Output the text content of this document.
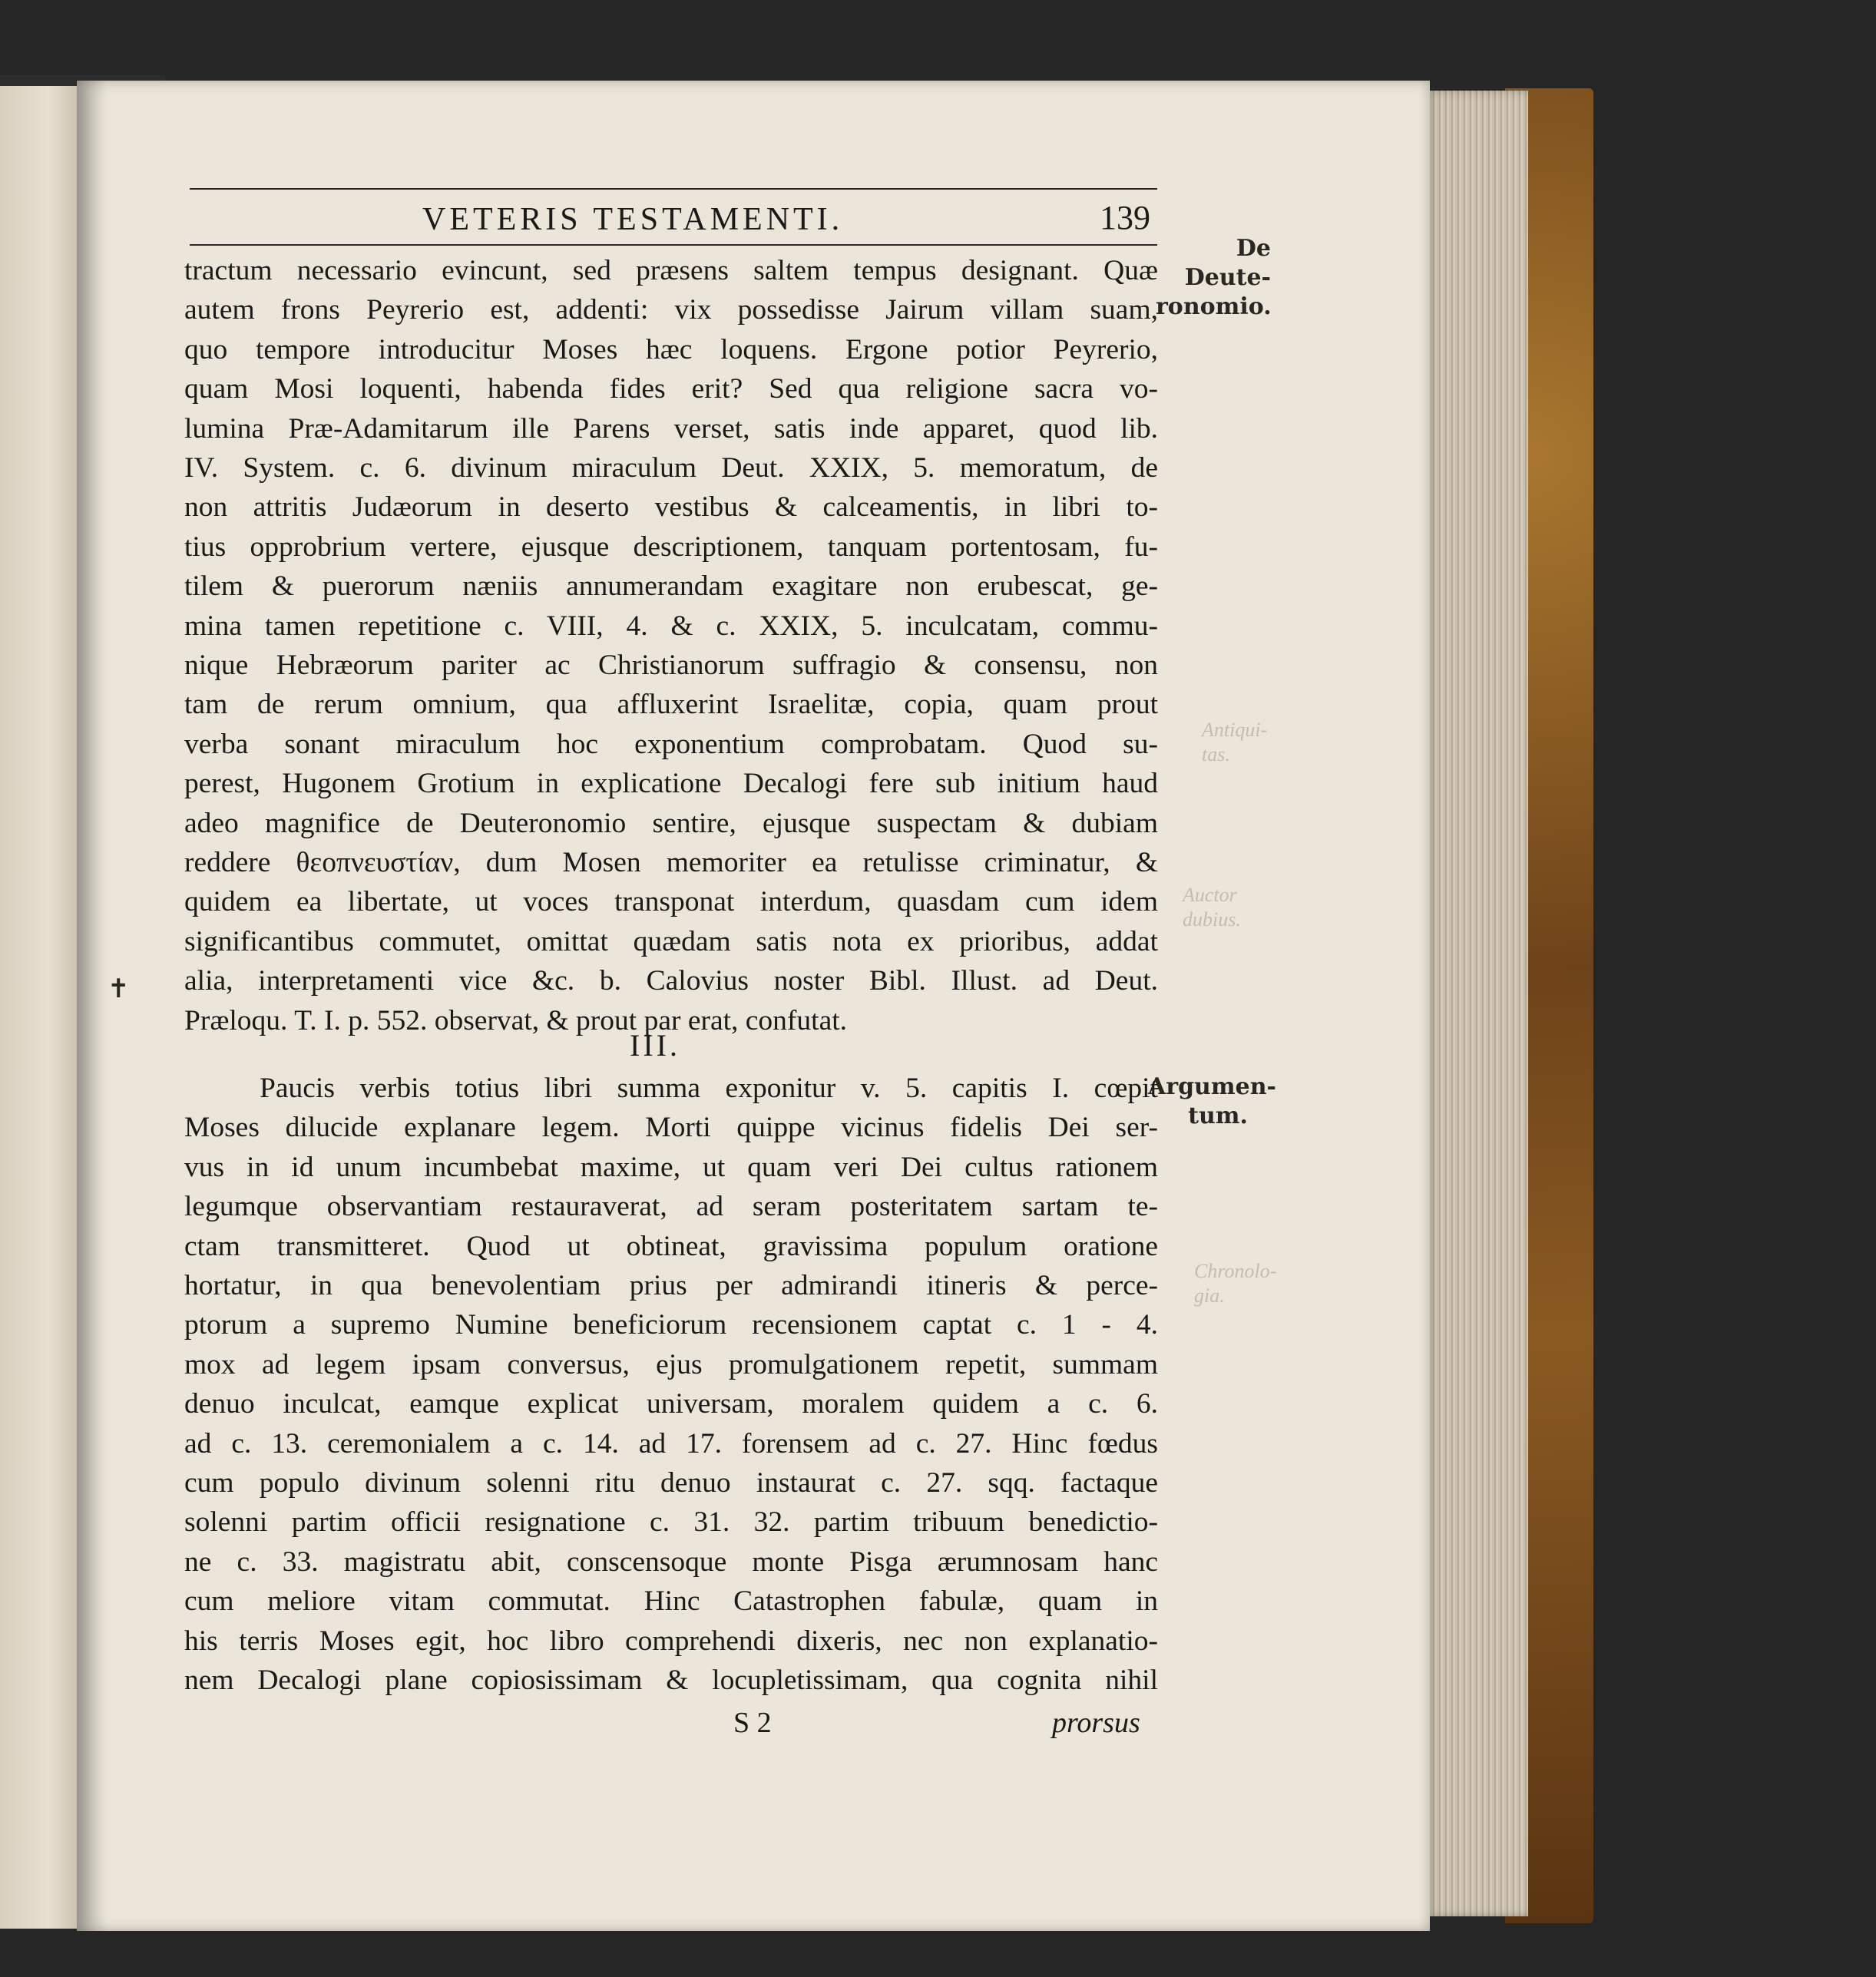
VETERIS TESTAMENTI.	139
De Deute-
ronomio.
Argumen-
tum.
Auctor
dubius.
Antiqui-
tas.
Chronolo-
gia.
✝
tractum necessario evincunt, sed præsens saltem tempus designant. Quæ
autem frons Peyrerio est, addenti: vix possedisse Jairum villam suam,
quo tempore introducitur Moses hæc loquens. Ergone potior Peyrerio,
quam Mosi loquenti, habenda fides erit? Sed qua religione sacra vo-
lumina Præ-Adamitarum ille Parens verset, satis inde apparet, quod lib.
IV. System. c. 6. divinum miraculum Deut. XXIX, 5. memoratum, de
non attritis Judæorum in deserto vestibus & calceamentis, in libri to-
tius opprobrium vertere, ejusque descriptionem, tanquam portentosam, fu-
tilem & puerorum næniis annumerandam exagitare non erubescat, ge-
mina tamen repetitione c. VIII, 4. & c. XXIX, 5. inculcatam, commu-
nique Hebræorum pariter ac Christianorum suffragio & consensu, non
tam de rerum omnium, qua affluxerint Israelitæ, copia, quam prout
verba sonant miraculum hoc exponentium comprobatam. Quod su-
perest, Hugonem Grotium in explicatione Decalogi fere sub initium haud
adeo magnifice de Deuteronomio sentire, ejusque suspectam & dubiam
reddere θεοπνευστίαν, dum Mosen memoriter ea retulisse criminatur, &
quidem ea libertate, ut voces transponat interdum, quasdam cum idem
significantibus commutet, omittat quædam satis nota ex prioribus, addat
alia, interpretamenti vice &c. b. Calovius noster Bibl. Illust. ad Deut.
Præloqu. T. I. p. 552. observat, & prout par erat, confutat.
III.
Paucis verbis totius libri summa exponitur v. 5. capitis I. cœpit
Moses dilucide explanare legem. Morti quippe vicinus fidelis Dei ser-
vus in id unum incumbebat maxime, ut quam veri Dei cultus rationem
legumque observantiam restauraverat, ad seram posteritatem sartam te-
ctam transmitteret. Quod ut obtineat, gravissima populum oratione
hortatur, in qua benevolentiam prius per admirandi itineris & perce-
ptorum a supremo Numine beneficiorum recensionem captat c. 1 - 4.
mox ad legem ipsam conversus, ejus promulgationem repetit, summam
denuo inculcat, eamque explicat universam, moralem quidem a c. 6.
ad c. 13. ceremonialem a c. 14. ad 17. forensem ad c. 27. Hinc fœdus
cum populo divinum solenni ritu denuo instaurat c. 27. sqq. factaque
solenni partim officii resignatione c. 31. 32. partim tribuum benedictio-
ne c. 33. magistratu abit, conscensoque monte Pisga ærumnosam hanc
cum meliore vitam commutat. Hinc Catastrophen fabulæ, quam in
his terris Moses egit, hoc libro comprehendi dixeris, nec non explanatio-
nem Decalogi plane copiosissimam & locupletissimam, qua cognita nihil
S 2	prorsus
